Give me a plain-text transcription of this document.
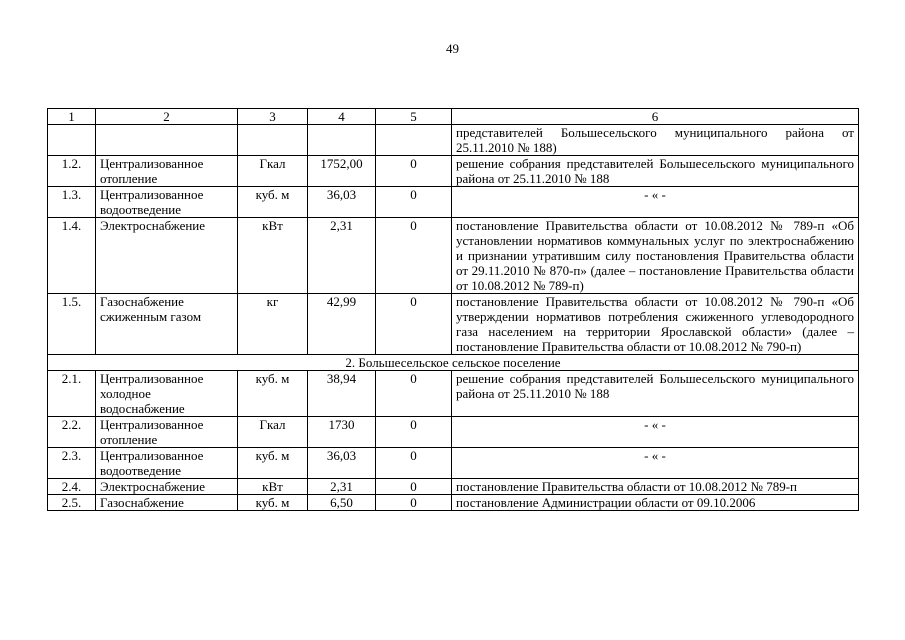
49
1	2	3	4	5	6
					представителей Большесельского муниципального района от 25.11.2010 № 188)
1.2.	Централизованное отопление	Гкал	1752,00	0	решение собрания представителей Большесельского муниципального района от 25.11.2010 № 188
1.3.	Централизованное водоотведение	куб. м	36,03	0	- « -
1.4.	Электроснабжение	кВт	2,31	0	постановление Правительства области от 10.08.2012 № 789-п «Об установлении нормативов коммунальных услуг по электроснабжению и признании утратившим силу постановления Правительства области от 29.11.2010 № 870-п» (далее – постановление Правительства области от 10.08.2012 № 789-п)
1.5.	Газоснабжение сжиженным газом	кг	42,99	0	постановление Правительства области от 10.08.2012 № 790-п «Об утверждении нормативов потребления сжиженного углеводородного газа населением на территории Ярославской области» (далее – постановление Правительства области от 10.08.2012 № 790-п)
2. Большесельское сельское поселение					
2.1.	Централизованное холодное водоснабжение	куб. м	38,94	0	решение собрания представителей Большесельского муниципального района от 25.11.2010 № 188
2.2.	Централизованное отопление	Гкал	1730	0	- « -
2.3.	Централизованное водоотведение	куб. м	36,03	0	- « -
2.4.	Электроснабжение	кВт	2,31	0	постановление Правительства области от 10.08.2012 № 789-п
2.5.	Газоснабжение	куб. м	6,50	0	постановление Администрации области от 09.10.2006
